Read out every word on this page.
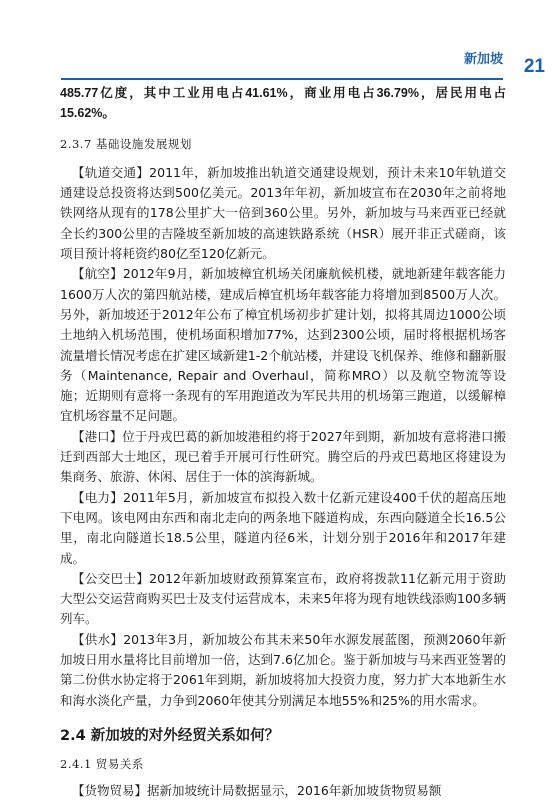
新加坡 21

485.77亿度，其中工业用电占41.61%，商业用电占36.79%，居民用电占15.62%。

2.3.7 基础设施发展规划

【轨道交通】2011年，新加坡推出轨道交通建设规划，预计未来10年轨道交通建设总投资将达到500亿美元。2013年年初，新加坡宣布在2030年之前将地铁网络从现有的178公里扩大一倍到360公里。另外，新加坡与马来西亚已经就全长约300公里的吉隆坡至新加坡的高速铁路系统（HSR）展开非正式磋商，该项目预计将耗资约80亿至120亿新元。

【航空】2012年9月，新加坡樟宜机场关闭廉航候机楼，就地新建年载客能力1600万人次的第四航站楼，建成后樟宜机场年载客能力将增加到8500万人次。另外，新加坡还于2012年公布了樟宜机场初步扩建计划，拟将其周边1000公顷土地纳入机场范围，使机场面积增加77%，达到2300公顷，届时将根据机场客流量增长情况考虑在扩建区域新建1-2个航站楼，并建设飞机保养、维修和翻新服务（Maintenance, Repair and Overhaul，简称MRO）以及航空物流等设施；近期则有意将一条现有的军用跑道改为军民共用的机场第三跑道，以缓解樟宜机场容量不足问题。

【港口】位于丹戎巴葛的新加坡港租约将于2027年到期，新加坡有意将港口搬迁到西部大士地区，现已着手开展可行性研究。腾空后的丹戎巴葛地区将建设为集商务、旅游、休闲、居住于一体的滨海新城。

【电力】2011年5月，新加坡宣布拟投入数十亿新元建设400千伏的超高压地下电网。该电网由东西和南北走向的两条地下隧道构成，东西向隧道全长16.5公里，南北向隧道长18.5公里，隧道内径6米，计划分别于2016年和2017年建成。

【公交巴士】2012年新加坡财政预算案宣布，政府将拨款11亿新元用于资助大型公交运营商购买巴士及支付运营成本，未来5年将为现有地铁线添购100多辆列车。

【供水】2013年3月，新加坡公布其未来50年水源发展蓝图，预测2060年新加坡日用水量将比目前增加一倍，达到7.6亿加仑。鉴于新加坡与马来西亚签署的第二份供水协定将于2061年到期，新加坡将加大投资力度，努力扩大本地新生水和海水淡化产量，力争到2060年使其分别满足本地55%和25%的用水需求。

2.4 新加坡的对外经贸关系如何？
2.4.1 贸易关系

【货物贸易】据新加坡统计局数据显示，2016年新加坡货物贸易额
